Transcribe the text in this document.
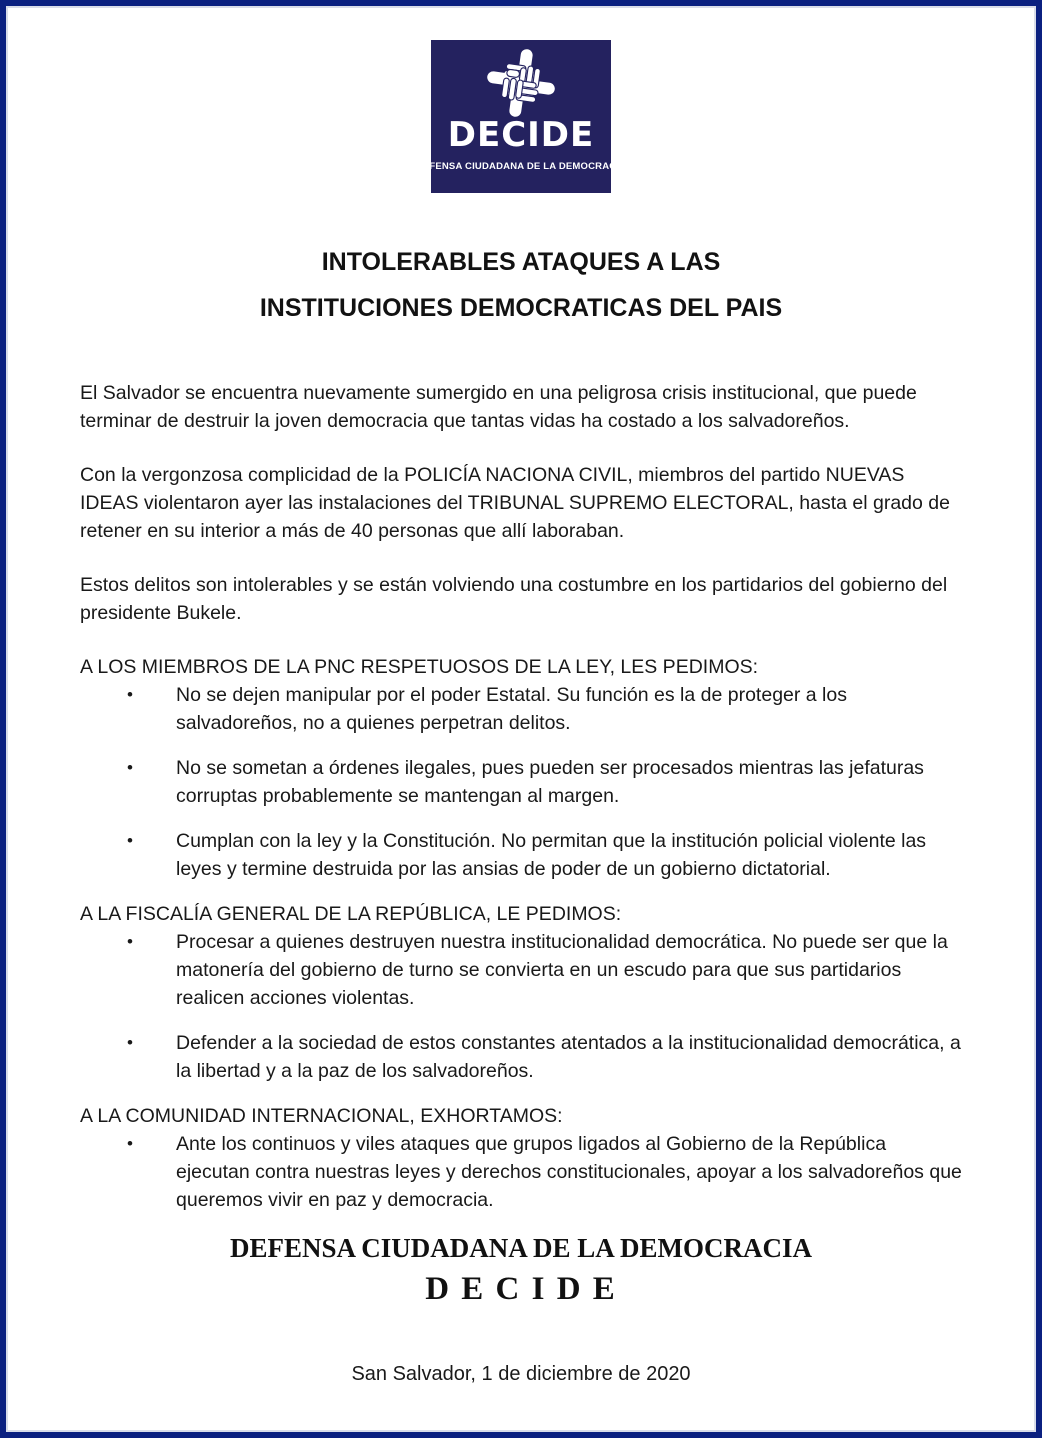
DECIDE
DEFENSA CIUDADANA DE LA DEMOCRACIA
INTOLERABLES ATAQUES A LAS
INSTITUCIONES DEMOCRATICAS DEL PAIS

El Salvador se encuentra nuevamente sumergido en una peligrosa crisis institucional, que puede terminar de destruir la joven democracia que tantas vidas ha costado a los salvadoreños.

Con la vergonzosa complicidad de la POLICÍA NACIONA CIVIL, miembros del partido NUEVAS IDEAS violentaron ayer las instalaciones del TRIBUNAL SUPREMO ELECTORAL, hasta el grado de retener en su interior a más de 40 personas que allí laboraban.

Estos delitos son intolerables y se están volviendo una costumbre en los partidarios del gobierno del presidente Bukele.

A LOS MIEMBROS DE LA PNC RESPETUOSOS DE LA LEY, LES PEDIMOS:
•	No se dejen manipular por el poder Estatal. Su función es la de proteger a los salvadoreños, no a quienes perpetran delitos.
•	No se sometan a órdenes ilegales, pues pueden ser procesados mientras las jefaturas corruptas probablemente se mantengan al margen.
•	Cumplan con la ley y la Constitución. No permitan que la institución policial violente las leyes y termine destruida por las ansias de poder de un gobierno dictatorial.
A LA FISCALÍA GENERAL DE LA REPÚBLICA, LE PEDIMOS:
•	Procesar a quienes destruyen nuestra institucionalidad democrática. No puede ser que la matonería del gobierno de turno se convierta en un escudo para que sus partidarios realicen acciones violentas.
•	Defender a la sociedad de estos constantes atentados a la institucionalidad democrática, a la libertad y a la paz de los salvadoreños.
A LA COMUNIDAD INTERNACIONAL, EXHORTAMOS:
•	Ante los continuos y viles ataques que grupos ligados al Gobierno de la República ejecutan contra nuestras leyes y derechos constitucionales, apoyar a los salvadoreños que queremos vivir en paz y democracia.
DEFENSA CIUDADANA DE LA DEMOCRACIA
D E C I D E
San Salvador, 1 de diciembre de 2020
